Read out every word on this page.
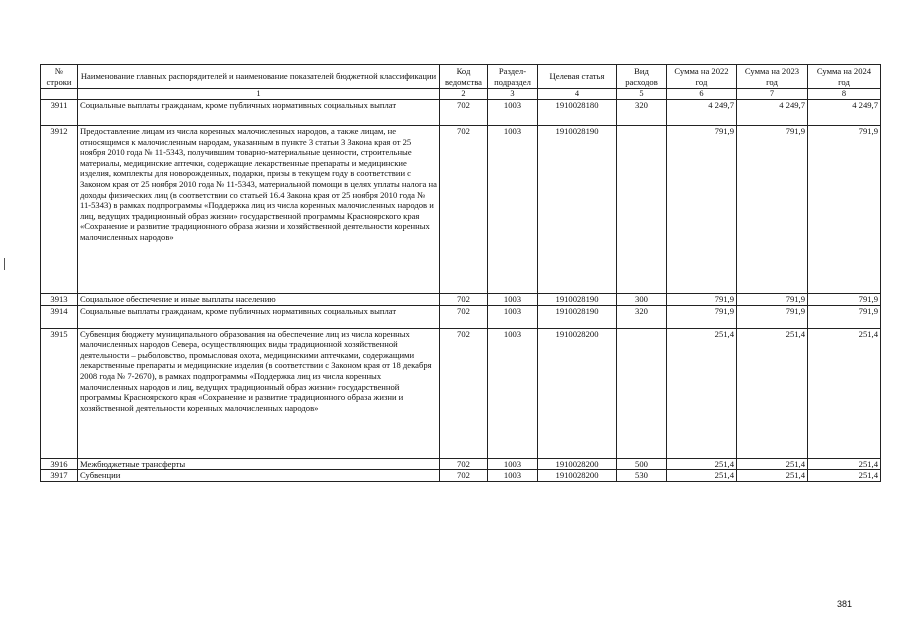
№ строки	Наименование главных распорядителей и наименование показателей бюджетной классификации	Код ведомства	Раздел-подраздел	Целевая статья	Вид расходов	Сумма на 2022 год	Сумма на 2023 год	Сумма на 2024 год
	1	2	3	4	5	6	7	8
3911	Социальные выплаты гражданам, кроме публичных нормативных социальных выплат	702	1003	1910028180	320	4 249,7	4 249,7	4 249,7
3912	Предоставление лицам из числа коренных малочисленных народов, а также лицам, не относящимся к малочисленным народам, указанным в пункте 3 статьи 3 Закона края от 25 ноября 2010 года № 11-5343, получившим товарно-материальные ценности, строительные материалы, медицинские аптечки, содержащие лекарственные препараты и медицинские изделия, комплекты для новорожденных, подарки, призы в текущем году в соответствии с Законом края от 25 ноября 2010 года № 11-5343, материальной помощи в целях уплаты налога на доходы физических лиц (в соответствии со статьей 16.4 Закона края от 25 ноября 2010 года № 11-5343) в рамках подпрограммы «Поддержка лиц из числа коренных малочисленных народов и лиц, ведущих традиционный образ жизни» государственной программы Красноярского края «Сохранение и развитие традиционного образа жизни и хозяйственной деятельности коренных малочисленных народов»	702	1003	1910028190		791,9	791,9	791,9
3913	Социальное обеспечение и иные выплаты населению	702	1003	1910028190	300	791,9	791,9	791,9
3914	Социальные выплаты гражданам, кроме публичных нормативных социальных выплат	702	1003	1910028190	320	791,9	791,9	791,9
3915	Субвенция бюджету муниципального образования на обеспечение лиц из числа коренных малочисленных народов Севера, осуществляющих виды традиционной хозяйственной деятельности – рыболовство, промысловая охота, медицинскими аптечками, содержащими лекарственные препараты и медицинские изделия (в соответствии с Законом края от 18 декабря 2008 года № 7-2670), в рамках подпрограммы «Поддержка лиц из числа коренных малочисленных народов и лиц, ведущих традиционный образ жизни» государственной программы Красноярского края «Сохранение и развитие традиционного образа жизни и хозяйственной деятельности коренных малочисленных народов»	702	1003	1910028200		251,4	251,4	251,4
3916	Межбюджетные трансферты	702	1003	1910028200	500	251,4	251,4	251,4
3917	Субвенции	702	1003	1910028200	530	251,4	251,4	251,4
381
